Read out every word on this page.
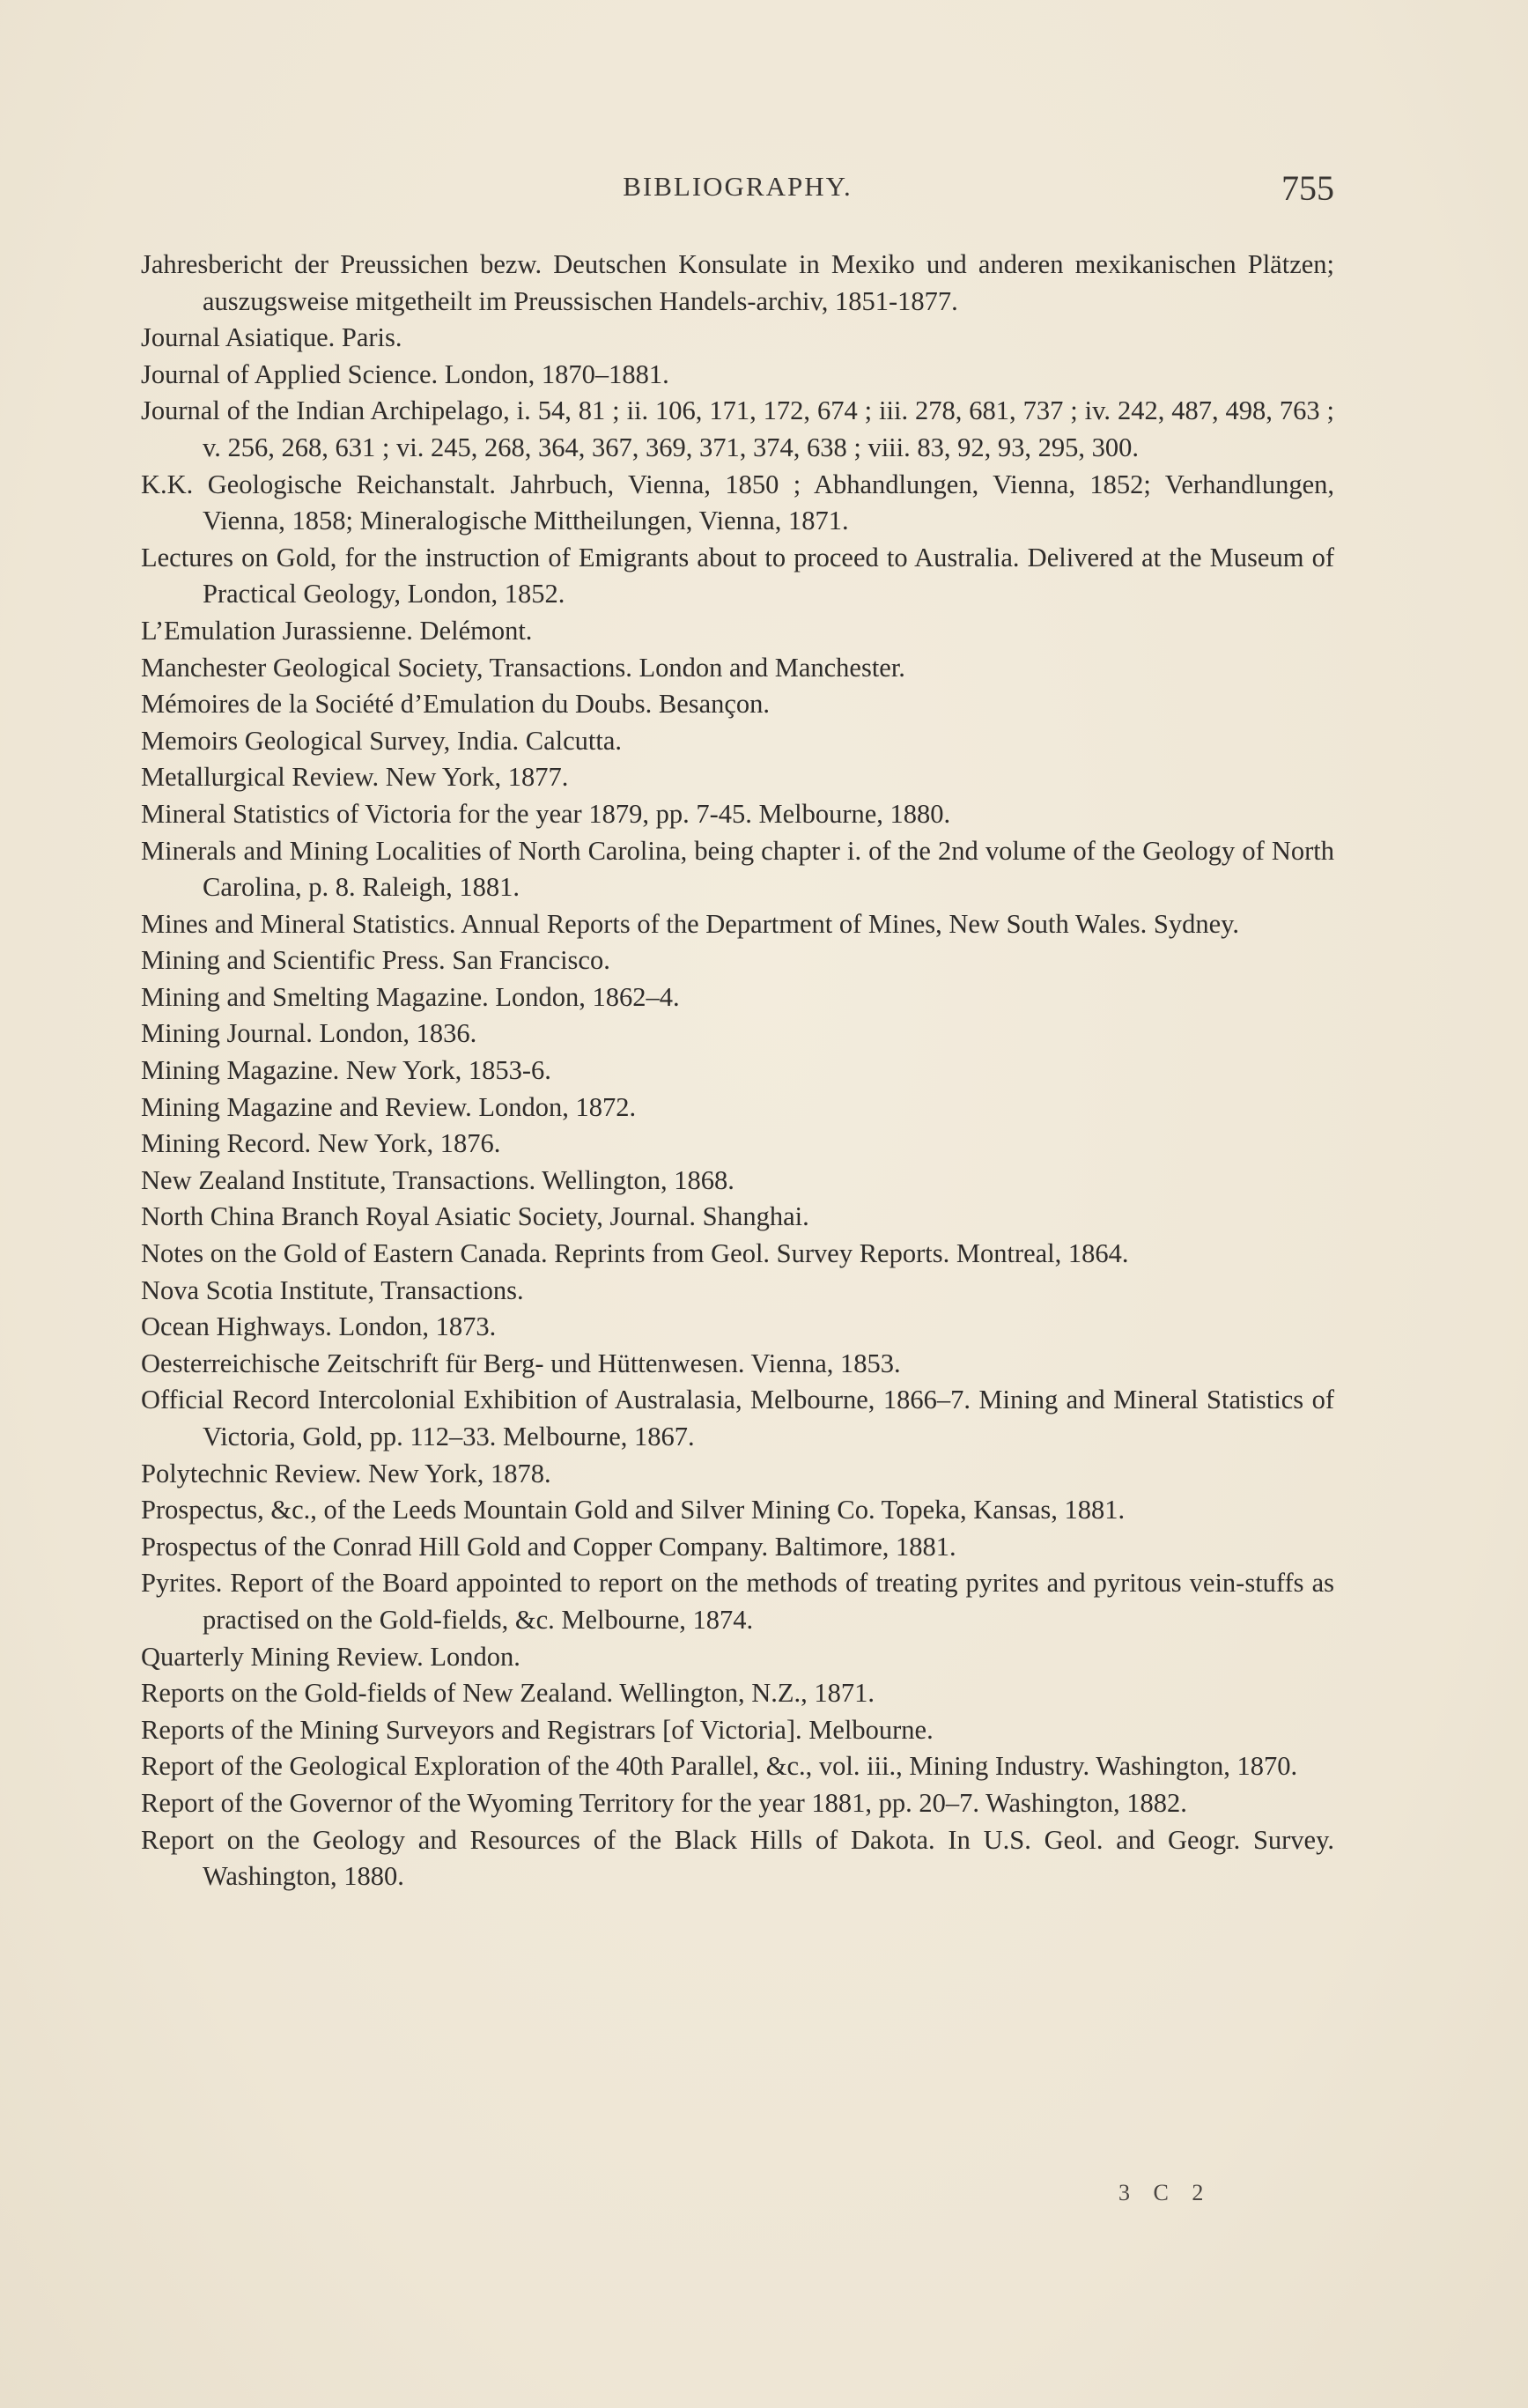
BIBLIOGRAPHY.	755
Jahresbericht der Preussichen bezw. Deutschen Konsulate in Mexiko und anderen mexikanischen Plätzen; auszugsweise mitgetheilt im Preussischen Handels-archiv, 1851-1877.
Journal Asiatique. Paris.
Journal of Applied Science. London, 1870–1881.
Journal of the Indian Archipelago, i. 54, 81 ; ii. 106, 171, 172, 674 ; iii. 278, 681, 737 ; iv. 242, 487, 498, 763 ; v. 256, 268, 631 ; vi. 245, 268, 364, 367, 369, 371, 374, 638 ; viii. 83, 92, 93, 295, 300.
K.K. Geologische Reichanstalt. Jahrbuch, Vienna, 1850 ; Abhandlungen, Vienna, 1852; Verhandlungen, Vienna, 1858; Mineralogische Mittheilungen, Vienna, 1871.
Lectures on Gold, for the instruction of Emigrants about to proceed to Australia. Delivered at the Museum of Practical Geology, London, 1852.
L’Emulation Jurassienne. Delémont.
Manchester Geological Society, Transactions. London and Manchester.
Mémoires de la Société d’Emulation du Doubs. Besançon.
Memoirs Geological Survey, India. Calcutta.
Metallurgical Review. New York, 1877.
Mineral Statistics of Victoria for the year 1879, pp. 7-45. Melbourne, 1880.
Minerals and Mining Localities of North Carolina, being chapter i. of the 2nd volume of the Geology of North Carolina, p. 8. Raleigh, 1881.
Mines and Mineral Statistics. Annual Reports of the Department of Mines, New South Wales. Sydney.
Mining and Scientific Press. San Francisco.
Mining and Smelting Magazine. London, 1862–4.
Mining Journal. London, 1836.
Mining Magazine. New York, 1853-6.
Mining Magazine and Review. London, 1872.
Mining Record. New York, 1876.
New Zealand Institute, Transactions. Wellington, 1868.
North China Branch Royal Asiatic Society, Journal. Shanghai.
Notes on the Gold of Eastern Canada. Reprints from Geol. Survey Reports. Montreal, 1864.
Nova Scotia Institute, Transactions.
Ocean Highways. London, 1873.
Oesterreichische Zeitschrift für Berg- und Hüttenwesen. Vienna, 1853.
Official Record Intercolonial Exhibition of Australasia, Melbourne, 1866–7. Mining and Mineral Statistics of Victoria, Gold, pp. 112–33. Melbourne, 1867.
Polytechnic Review. New York, 1878.
Prospectus, &c., of the Leeds Mountain Gold and Silver Mining Co. Topeka, Kansas, 1881.
Prospectus of the Conrad Hill Gold and Copper Company. Baltimore, 1881.
Pyrites. Report of the Board appointed to report on the methods of treating pyrites and pyritous vein-stuffs as practised on the Gold-fields, &c. Melbourne, 1874.
Quarterly Mining Review. London.
Reports on the Gold-fields of New Zealand. Wellington, N.Z., 1871.
Reports of the Mining Surveyors and Registrars [of Victoria]. Melbourne.
Report of the Geological Exploration of the 40th Parallel, &c., vol. iii., Mining Industry. Washington, 1870.
Report of the Governor of the Wyoming Territory for the year 1881, pp. 20–7. Washington, 1882.
Report on the Geology and Resources of the Black Hills of Dakota. In U.S. Geol. and Geogr. Survey. Washington, 1880.
3 C 2
